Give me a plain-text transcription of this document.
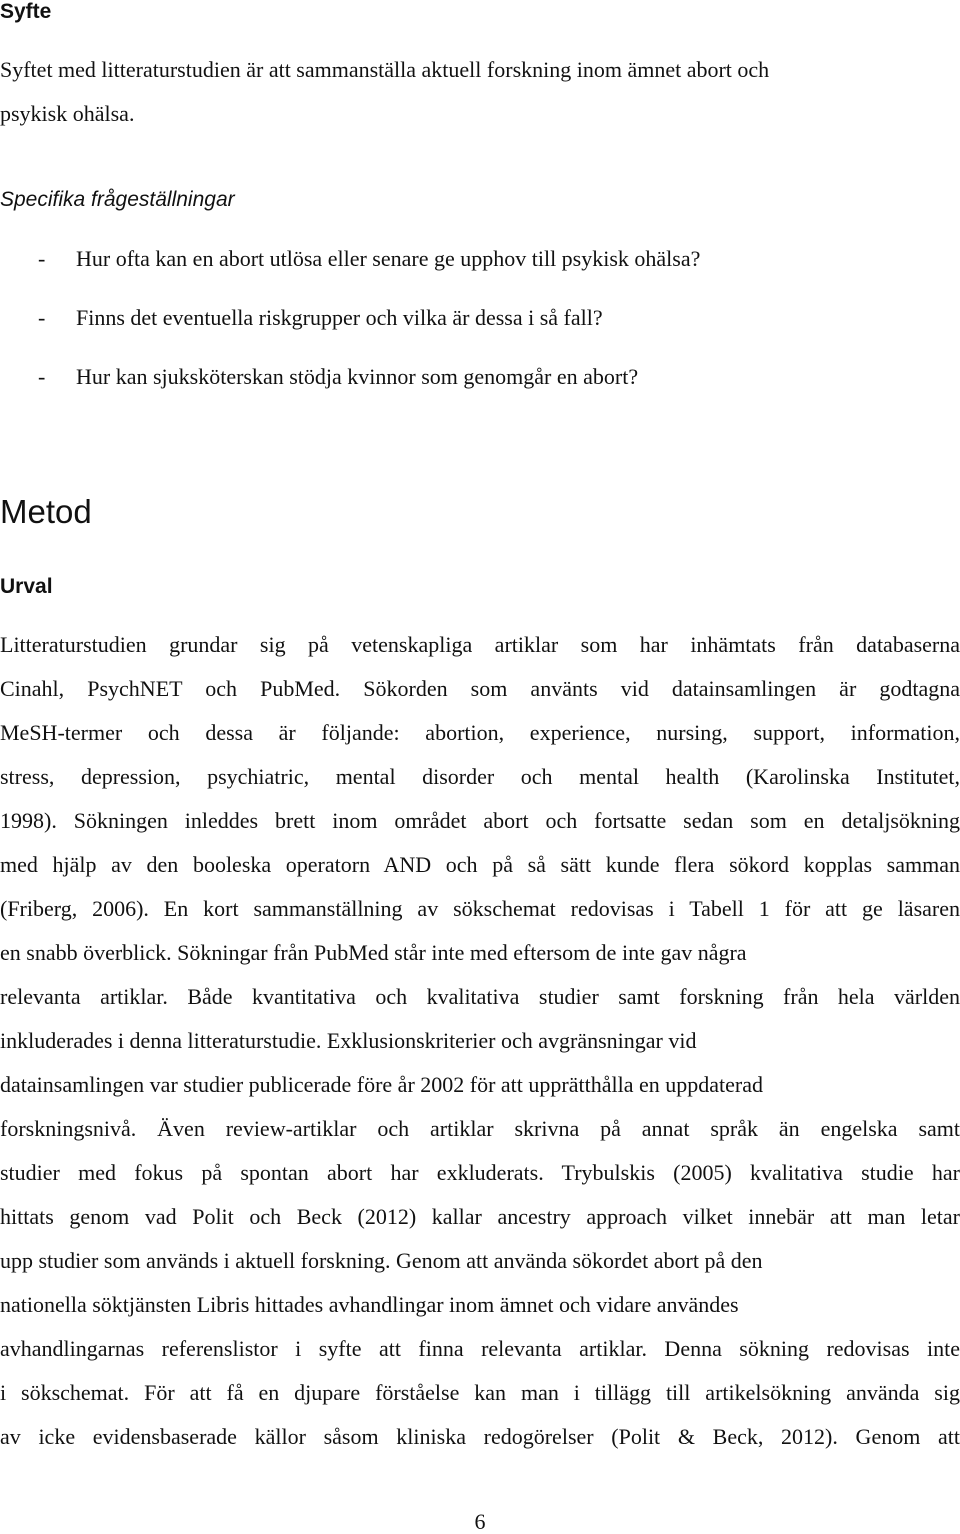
Syfte
Syftet med litteraturstudien är att sammanställa aktuell forskning inom ämnet abort och
psykisk ohälsa.
Specifika frågeställningar
- Hur ofta kan en abort utlösa eller senare ge upphov till psykisk ohälsa?
- Finns det eventuella riskgrupper och vilka är dessa i så fall?
- Hur kan sjuksköterskan stödja kvinnor som genomgår en abort?
Metod
Urval
Litteraturstudien grundar sig på vetenskapliga artiklar som har inhämtats från databaserna
Cinahl, PsychNET och PubMed. Sökorden som använts vid datainsamlingen är godtagna
MeSH-termer och dessa är följande: abortion, experience, nursing, support, information,
stress, depression, psychiatric, mental disorder och mental health (Karolinska Institutet,
1998). Sökningen inleddes brett inom området abort och fortsatte sedan som en detaljsökning
med hjälp av den booleska operatorn AND och på så sätt kunde flera sökord kopplas samman
(Friberg, 2006). En kort sammanställning av sökschemat redovisas i Tabell 1 för att ge läsaren
en snabb överblick. Sökningar från PubMed står inte med eftersom de inte gav några
relevanta artiklar. Både kvantitativa och kvalitativa studier samt forskning från hela världen
inkluderades i denna litteraturstudie. Exklusionskriterier och avgränsningar vid
datainsamlingen var studier publicerade före år 2002 för att upprätthålla en uppdaterad
forskningsnivå. Även review-artiklar och artiklar skrivna på annat språk än engelska samt
studier med fokus på spontan abort har exkluderats. Trybulskis (2005) kvalitativa studie har
hittats genom vad Polit och Beck (2012) kallar ancestry approach vilket innebär att man letar
upp studier som används i aktuell forskning. Genom att använda sökordet abort på den
nationella söktjänsten Libris hittades avhandlingar inom ämnet och vidare användes
avhandlingarnas referenslistor i syfte att finna relevanta artiklar. Denna sökning redovisas inte
i sökschemat. För att få en djupare förståelse kan man i tillägg till artikelsökning använda sig
av icke evidensbaserade källor såsom kliniska redogörelser (Polit & Beck, 2012). Genom att
6
